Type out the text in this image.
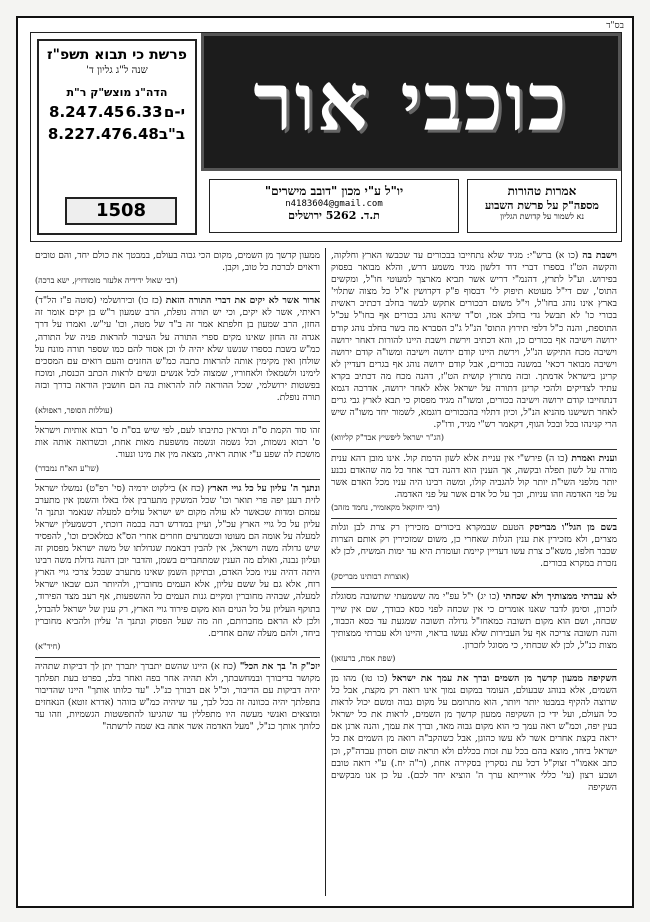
בס"ד
כוכבי אור
פרשת כי תבוא תשפ"ז
שנה ל"ג גליון ד'
הדה"נ מוצש"ק ר"ת
י-ם
6.33
7.45
8.24
ב"ב
6.48
7.47
8.22
1508
אמרות טהורות
מספה"ק על פרשת השבוע
נא לשמור על קדושת הגליון
יו"ל ע"י מכון "דובב מישרים"
n4183604@gmail.com
ת.ד. 5262 ירושלים

וישבת בה (כו א) ברש"י: מגיד שלא נתחייבו בבכורים עד שכבשו הארץ וחלקוה, והקשה הט"ז בספרו דברי דוד דלשון מגיד משמע דרש, והלא מבואר בפסוק בפירוש. וע"ל לתרץ, דהנמ"י דריש אשר תביא מארצך למעוטי חו"ל, ומקשים התוס', שם די"ל מעוטא תיפוק לי' דבסוף פ"ק דקדושין א"ל כל מצוה שתלוי' בארץ אינו נוהג בחו"ל, וי"ל משום דבכורים אתקש לבשר בחלב דכתיב ראשית בכורי כו' לא תבשל גדי בחלב אמו, וס"ד שיהא נוהג בכורים אף בחו"ל עכ"ל התוספת, והנה כ"ל דלפי תירוץ התוס' הנ"ל ג"כ הסברא מה בשר בחלב נוהג קודם ירושה וישיבה אף בכורים כן, והא דכתיב וירשת וישבת היינו להורות דאחר ירושה וישיבה מכח התיקש הנ"ל, וירשת היינו קודם ירושה וישיבה ומשו"ה קודם ירושה וישיבה מבואר דכאי' במשנה בכורים, אבל קודם ירושה נוהג אף בגרים דעדיין לא קרינן בישראל אדמתך. ובזה מתורץ קושית הט"ז, דהנה מכח מה דכתיב בקרא עתיד לצדיקים ולהכי קרינן דתורה על ישראל אלא לאחר ירושה, אדרבה דגמא דנתחייבו קודם ירושה וישיבה בכורים, ומשו"ה מגיד מפסוק כי תבא לארץ גבי גרים לאחר תשישנו מהניא הנ"ל, וכיון דתלוי בהבכורים דוגמא, לשמור יחד משו"ה שיש הרי קנינהו בכל ובכל הגוף, דקאמר רש"י מגיד, ודו"ק.
(הג"ר ישראל ליפשיץ אבד"ק קליווא)

וענית ואמרת (כו ה) פירש"י אין עניית אלא לשון הרמת קול. אינו מובן דהא ענית מורה על לשון תפלה ובקשה, אך הענין הוא דהנה דבר אחד כל מה שהאדם נכנע יותר מלפני השי"ת יותר קול להגביה קולו, ומשה רבינו היה עניו מכל האדם אשר על פני האדמה וזהו עניות, וכך על כל אדם אשר על פני האדמה.
(רבי יחזקאל מקאזמיר, נחמד מזהב)

בשם מן הגל"ו מבריסק הטעם שבמקרא ביכורים מזכירין רק צרת לבן וגלות מצרים, ולא מזכירין את ענין הגלות שאחרי כן, משום שמזכירין רק אותם הצרות שכבר חלפו, משא"כ צרת עשו דעדיין קיימת ועומדת היא עד ימות המשיח, לכן לא נזכרת במקרא בכורים.
(אוצרות רבותינו מבריסק)

לא עברתי ממצותיך ולא שכחתי (כו יג) י"ל עפ"י מה ששמעתי שתשובה מסוגלת לזכרון, וסימן לדבר שאנו אומרים כי אין שכחה לפני כסא כבודך, שם אין שייך שכחה, ושם הוא מקום תשובה כמאחז"ל גדולה תשובה שמגעת עד כסא הכבוד, והנה תשובה צריכה אף על העבירות שלא נעשו בראוי, והיינו ולא עברתי ממצותיך מצות כנ"ל, לכן לא שכחתי, כי מסוגל לזכרון.
(שפת אמת, ברעזאן)

השקיפה ממעון קדשך מן השמים וברך את עמך את ישראל (כו טו) מהו מן השמים, אלא בנוהג שבעולם, העומד במקום נמוך אינו רואה רק מקצת, אבל כל שרוצה להקיף במבטו יותר ויותר, הוא מתרומם על מקום גבוה ומשם יכול לראות כל העולם, ועל ידי כן השקיפה ממעון קדשך מן השמים, לראות את כל ישראל בעין יפה, וכמ"ש ראה עמך כי הוא מקום גבוה מאד, וברך את עמך, והנה ארנן אם יראה בקצת אחרים אשר לא עשו כהוגן, אבל כשהקב"ה רואה מן השמים את כל ישראל ביחד, מוצא בהם בכל עת זכות בכללם ולא תראה שום חסרון עבדה"ק, וכן כתב אאמו"ר זצוק"ל דכל עת נסקרין בסקירה אחת, (ר"ה יח.) ע"י רואה טובם ושבע רצון (עי' כללי אורייתא ערך ה' הוציא יחד לכם). על כן אנו מבקשים השקיפה

ממעון קדשך מן השמים, מקום הכי גבוה בעולם, במבטך את כולם יחד, והם טובים וראוים לברכת כל טוב, וקבן.
(רבי שאול ידידיה אלעזר מומודזיץ, ישא ברכה)

ארור אשר לא יקים את דברי התורה הזאת (כז כו) ובירושלמי (סוטה פ"ז הל"ד) ראיתי, אשר לא יקים, וכי יש תורה נופלת, הרב שמעון ר"ש בן יקים אומר זה החזן, הרב שמעון בן חלפתא אמר זה ב"ד של מטה, וכו' עי"ש. ואמרו על דרך אגדה זה החזן שאינו מקים ספרי התורה על העיבור להראות פניה של התורה, כמ"ש בשבת בספרו שנשנו שלא יהיה לו וכן אסור להם כמו שספר תורה מונח על שולחן ואין מקימין אותה להראות כתבה כמ"ש החזנים והעם רואים עם המסכים לימינו ולשמאלו ולאחוריו, שמצוה לכל אנשים ונשים לראות הכתב הכנסת, ומוכח בפשטות ירושלמי, שכל ההוראה לזה להראות בה הם חושבין הוראה בדרך ובזה תורה נופלת.
(עוללות הסופר, ראפולא)

זהו סוד הקמת ס"ת ומראין כתיבתו לעם, לפי שיש בס"ת ס' רבוא אותיות וישראל ס' רבוא נשמות, וכל נשמה ונשמה מושפעת מאות אחת, וכשרואה אותה אות מושכת לה שפע ע"י אותה ראיה, מצאה מין את מינו ונעור.
(שו"ע הא"ח נמבדר)

ונתנך ה' עליון על כל גויי הארץ (כח א) בילקוט ירמיה (סי' רפ"ט) נמשלו ישראל לזית רענן יפה פרי תואר וכו' שכל המשקין מתערבין אלו באלו והשמן אין מתערב עמהם ומדות שכאשר לא עולה מקום יש ישראל עולים למעלה שנאמר ונתנך ה' עליון על כל גויי הארץ עכ"ל, ועיין במדרש רבה בכמה דוכתי, דכשמעלין ישראל למעלה על אומה הם מעוטו וכשמרעים חוזרים אחרי הס"א כמלאכים וכו', להפסיד שיש גדולה משה וישראל, אין להבין דבאמת שגדולתו של משה ישראל מפסוק זה ועליון נבנה, ואולם מה הענין שמתחברים בשמן, והדבר יובן דהנה גדולת משה רבינו היתה דהיה עניו מכל האדם, ובתיקון השמן שאינו מתערב שבכל צרכי גויי הארץ רוח, אלא גם על ששם עליון, אלא העמים מחוברין, ולהיותר הגם שבאו ישראל למעלה, שבהיה מחוברין ומקיים גנות העמים כל ההשפעות, אף רעב מצד הפירוד, בתוקף העליון על כל הגוים הוא מקום פירוד גויי הארץ, רק ענין של ישראל להבדל, ולכן לא הראם מחברותם, וזה מה שעל הפסוק ונתנך ה' עליון ולהביא מחוברין ביחד, ולהם מעלה שהם אחדים.
(חיד"א)

יזכ"ק ה' בך את הכל" (כח א) היינו שהשם יתברך יתברך יתן לך דביקות שתהיה מקושר בדיבורך ובמחשבתך, ולא תהיה אחר בפה ואחר בלב, בפרט בעת תפלתך יהיה דביקות עם הדיבור, וכ"ל אם דבורך כנ"ל. "עד כלותו אותך" היינו שהדיבור בתפלתך יהיה בכוונה זה בכל לבך, עד שיהיה כמ"ש בזוהר (אדרא זוטא) הנאחזים ומוצאים ואנשי מעשה היו מתפללין עד שהגיעו להתפשטות הגשמיות, וזהו עד כלותך אותך כנ"ל, "מעל האדמה אשר אתה בא שמה לרשתה"
